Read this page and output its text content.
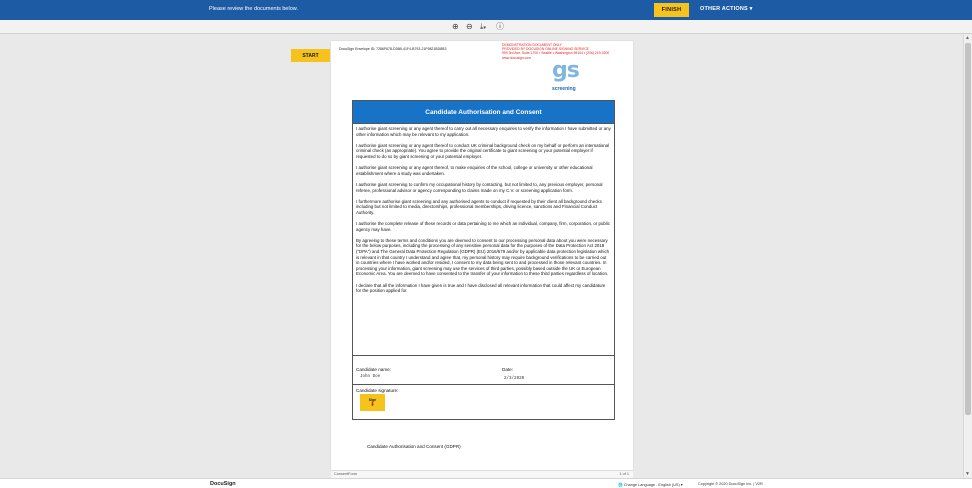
Please review the documents below.	FINISH	OTHER ACTIONS ▾
⊕ ⊖ ⤓▾ ⓘ
▲
▼
START
DocuSign Envelope ID: 7286F678-D36B-41F4-B793-21F9821BD8B3
DEMONSTRATION DOCUMENT ONLY
PROVIDED BY DOCUSIGN ONLINE SIGNING SERVICE
999 3rd Ave, Suite 1700 • Seattle • Washington 98104 • (206) 219-0200
www.docusign.com
gs
screening
Candidate Authorisation and Consent

I authorise giant screening or any agent thereof to carry out all necessary enquiries to verify the information I have submitted or any other information which may be relevant to my application.

I authorise giant screening or any agent thereof to conduct UK criminal background check on my behalf or perform an international criminal check (as appropriate). You agree to provide the original certificate to giant screening or your potential employer if requested to do so by giant screening or your potential employer.

I authorise giant screening or any agent thereof, to make enquiries of the school, college or university or other educational establishment where a study was undertaken.

I authorise giant screening to confirm my occupational history by contacting, but not limited to, any previous employer, personal referee, professional advisor or agency corresponding to claims made on my C.V. or screening application form.

I furthermore authorise giant screening and any authorised agents to conduct if requested by their client all background checks including but not limited to media, directorships, professional memberships, driving licence, sanctions and Financial Conduct Authority.

I authorise the complete release of these records or data pertaining to me which an individual, company, firm, corporation, or public agency may have.

By agreeing to these terms and conditions you are deemed to consent to our processing personal data about you were necessary for the below purposes, including the processing of any sensitive personal data for the purposes of the Data Protection Act 2018 ("DPA") and The General Data Protection Regulation (GDPR) (EU) 2016/679 and/or by applicable data protection legislation which is relevant in that country I understand and agree that, my personal history may require background verifications to be carried out in countries where I have worked and/or resided, I consent to my data being sent to and processed in those relevant countries. In processing your information, giant screening may use the services of third parties, possibly based outside the UK or European Economic Area. You are deemed to have consented to the transfer of your information to these third parties regardless of location.

I declare that all the information I have given is true and I have disclosed all relevant information that could affect my candidature for the position applied for.

Candidate name:
John Doe
Date:
2/3/2020
Candidate signature:
Sign
⬇
Candidate Authorisation and Consent (GDPR)
ConsentForm	1 of 1
DocuSign	🌐 Change Language - English (US) ▾	Copyright © 2020 DocuSign Inc. | V2R
